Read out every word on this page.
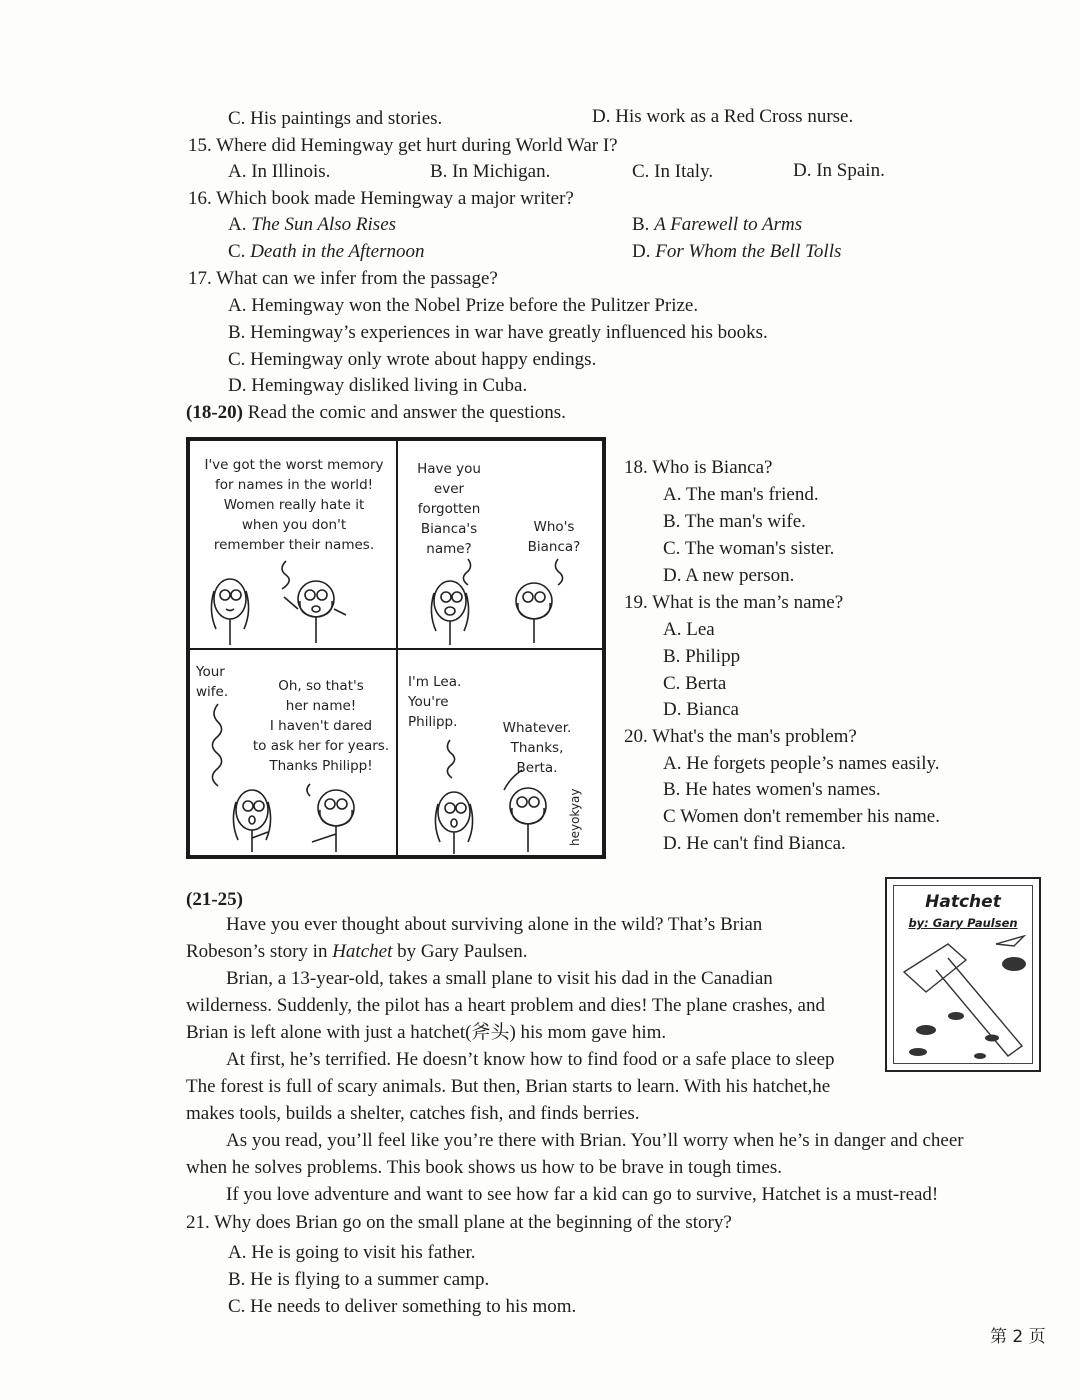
C. His paintings and stories.	D. His work as a Red Cross nurse.
15. Where did Hemingway get hurt during World War I?
A. In Illinois.	B. In Michigan.	C. In Italy.	D. In Spain.
16. Which book made Hemingway a major writer?
A. The Sun Also Rises	B. A Farewell to Arms
C. Death in the Afternoon	D. For Whom the Bell Tolls
17. What can we infer from the passage?
A. Hemingway won the Nobel Prize before the Pulitzer Prize.
B. Hemingway’s experiences in war have greatly influenced his books.
C. Hemingway only wrote about happy endings.
D. Hemingway disliked living in Cuba.
(18-20) Read the comic and answer the questions.
I've got the worst memory
for names in the world!
Women really hate it
when you don't
remember their names.
Have you
ever
forgotten
Bianca's
name?
Who's
Bianca?
Your
wife.	Oh, so that's
her name!
I haven't dared
to ask her for years.
Thanks Philipp!
I'm Lea.
You're
Philipp.	Whatever.
Thanks,
Berta.
heyokyay
18. Who is Bianca?
A. The man's friend.
B. The man's wife.
C. The woman's sister.
D. A new person.
19. What is the man’s name?
A. Lea
B. Philipp
C. Berta
D. Bianca
20. What's the man's problem?
A. He forgets people’s names easily.
B. He hates women's names.
C Women don't remember his name.
D. He can't find Bianca.
(21-25)
Have you ever thought about surviving alone in the wild? That’s Brian
Robeson’s story in Hatchet by Gary Paulsen.
Brian, a 13-year-old, takes a small plane to visit his dad in the Canadian
wilderness. Suddenly, the pilot has a heart problem and dies! The plane crashes, and
Brian is left alone with just a hatchet(斧头) his mom gave him.
At first, he’s terrified. He doesn’t know how to find food or a safe place to sleep
The forest is full of scary animals. But then, Brian starts to learn. With his hatchet,he
makes tools, builds a shelter, catches fish, and finds berries.
As you read, you’ll feel like you’re there with Brian. You’ll worry when he’s in danger and cheer
when he solves problems. This book shows us how to be brave in tough times.
If you love adventure and want to see how far a kid can go to survive, Hatchet is a must-read!
Hatchet
by: Gary Paulsen
21. Why does Brian go on the small plane at the beginning of the story?
A. He is going to visit his father.
B. He is flying to a summer camp.
C. He needs to deliver something to his mom.
第 2 页
